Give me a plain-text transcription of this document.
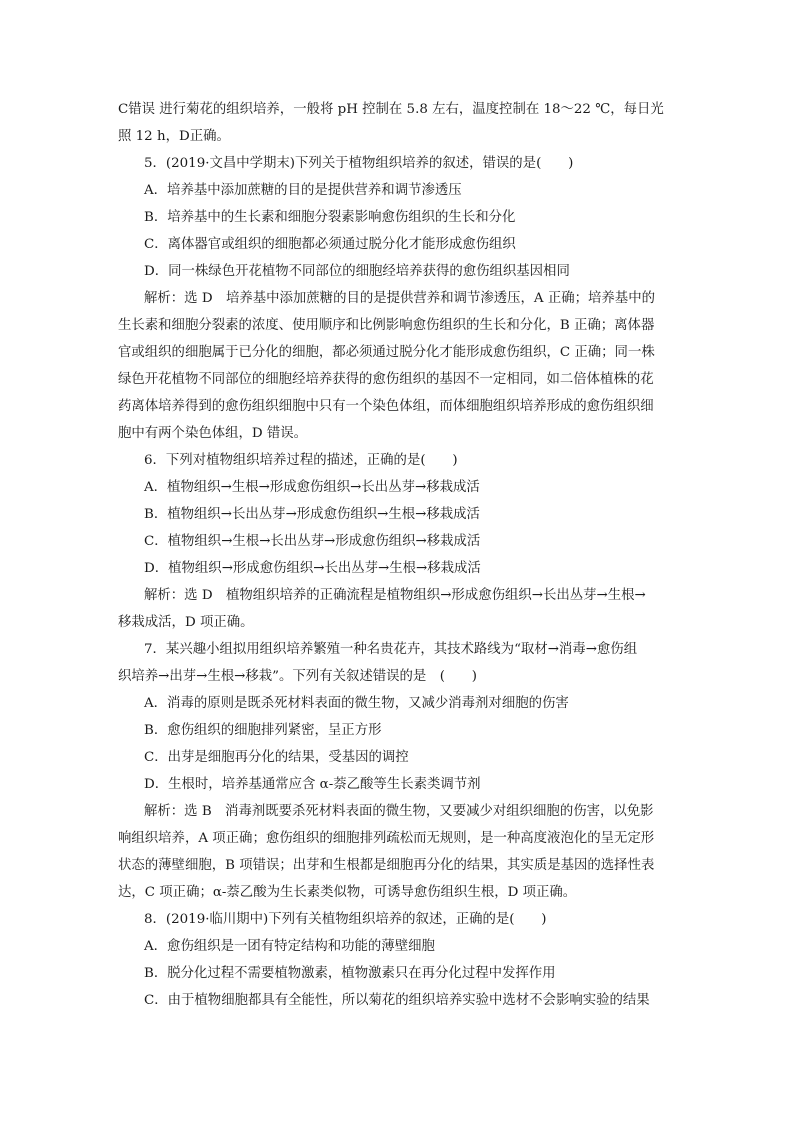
C错误 进行菊花的组织培养，一般将 pH 控制在 5.8 左右，温度控制在 18～22 ℃，每日光
照 12 h，D正确。
5．(2019·文昌中学期末)下列关于植物组织培养的叙述，错误的是(　　)
A．培养基中添加蔗糖的目的是提供营养和调节渗透压
B．培养基中的生长素和细胞分裂素影响愈伤组织的生长和分化
C．离体器官或组织的细胞都必须通过脱分化才能形成愈伤组织
D．同一株绿色开花植物不同部位的细胞经培养获得的愈伤组织基因相同
解析：选 D　培养基中添加蔗糖的目的是提供营养和调节渗透压，A 正确；培养基中的
生长素和细胞分裂素的浓度、使用顺序和比例影响愈伤组织的生长和分化，B 正确；离体器
官或组织的细胞属于已分化的细胞，都必须通过脱分化才能形成愈伤组织，C 正确；同一株
绿色开花植物不同部位的细胞经培养获得的愈伤组织的基因不一定相同，如二倍体植株的花
药离体培养得到的愈伤组织细胞中只有一个染色体组，而体细胞组织培养形成的愈伤组织细
胞中有两个染色体组，D 错误。
6．下列对植物组织培养过程的描述，正确的是(　　)
A．植物组织→生根→形成愈伤组织→长出丛芽→移栽成活
B．植物组织→长出丛芽→形成愈伤组织→生根→移栽成活
C．植物组织→生根→长出丛芽→形成愈伤组织→移栽成活
D．植物组织→形成愈伤组织→长出丛芽→生根→移栽成活
解析：选 D　植物组织培养的正确流程是植物组织→形成愈伤组织→长出丛芽→生根→
移栽成活，D 项正确。
7．某兴趣小组拟用组织培养繁殖一种名贵花卉，其技术路线为“取材→消毒→愈伤组
织培养→出芽→生根→移栽”。下列有关叙述错误的是　(　　)
A．消毒的原则是既杀死材料表面的微生物，又减少消毒剂对细胞的伤害
B．愈伤组织的细胞排列紧密，呈正方形
C．出芽是细胞再分化的结果，受基因的调控
D．生根时，培养基通常应含 α-萘乙酸等生长素类调节剂
解析：选 B　消毒剂既要杀死材料表面的微生物，又要减少对组织细胞的伤害，以免影
响组织培养，A 项正确；愈伤组织的细胞排列疏松而无规则，是一种高度液泡化的呈无定形
状态的薄壁细胞，B 项错误；出芽和生根都是细胞再分化的结果，其实质是基因的选择性表
达，C 项正确；α-萘乙酸为生长素类似物，可诱导愈伤组织生根，D 项正确。
8．(2019·临川期中)下列有关植物组织培养的叙述，正确的是(　　)
A．愈伤组织是一团有特定结构和功能的薄壁细胞
B．脱分化过程不需要植物激素，植物激素只在再分化过程中发挥作用
C．由于植物细胞都具有全能性，所以菊花的组织培养实验中选材不会影响实验的结果
